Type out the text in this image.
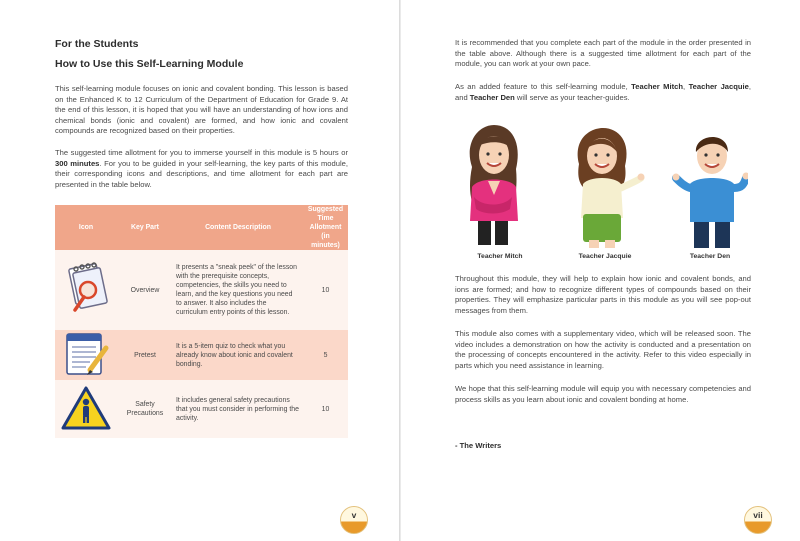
For the Students
How to Use this Self-Learning Module

This self-learning module focuses on ionic and covalent bonding. This lesson is based on the Enhanced K to 12 Curriculum of the Department of Education for Grade 9. At the end of this lesson, it is hoped that you will have an understanding of how ions and chemical bonds (ionic and covalent) are formed, and how ionic and covalent compounds are recognized based on their properties.

The suggested time allotment for you to immerse yourself in this module is 5 hours or 300 minutes. For you to be guided in your self-learning, the key parts of this module, their corresponding icons and descriptions, and time allotment for each part are presented in the table below.

Icon	Key Part	Content Description	Suggested Time Allotment (in minutes)
	Overview	It presents a "sneak peek" of the lesson with the prerequisite concepts, competencies, the skills you need to learn, and the key questions you need to answer. It also includes the curriculum entry points of this lesson.	10
	Pretest	It is a 5-item quiz to check what you already know about ionic and covalent bonding.	5
	Safety Precautions	It includes general safety precautions that you must consider in performing the activity.	10
v

It is recommended that you complete each part of the module in the order presented in the table above. Although there is a suggested time allotment for each part of the module, you can work at your own pace.

As an added feature to this self-learning module, Teacher Mitch, Teacher Jacquie, and Teacher Den will serve as your teacher-guides.

Teacher Mitch	Teacher Jacquie	Teacher Den

Throughout this module, they will help to explain how ionic and covalent bonds, and ions are formed; and how to recognize different types of compounds based on their properties. They will emphasize particular parts in this module as you will see pop-out messages from them.

This module also comes with a supplementary video, which will be released soon. The video includes a demonstration on how the activity is conducted and a presentation on the processing of concepts encountered in the activity. Refer to this video especially in parts which you need assistance in learning.

We hope that this self-learning module will equip you with necessary competencies and process skills as you learn about ionic and covalent bonding at home.

- The Writers
vii
